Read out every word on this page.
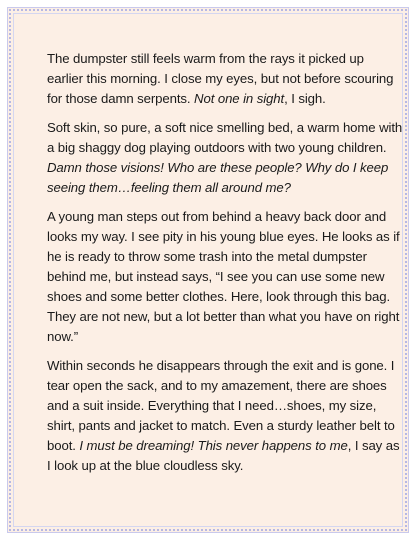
The dumpster still feels warm from the rays it picked up earlier this morning. I close my eyes, but not before scouring for those damn serpents. Not one in sight, I sigh.

Soft skin, so pure, a soft nice smelling bed, a warm home with a big shaggy dog playing outdoors with two young children. Damn those visions! Who are these people? Why do I keep seeing them…feeling them all around me?

A young man steps out from behind a heavy back door and looks my way. I see pity in his young blue eyes. He looks as if he is ready to throw some trash into the metal dumpster behind me, but instead says, “I see you can use some new shoes and some better clothes. Here, look through this bag. They are not new, but a lot better than what you have on right now.”

Within seconds he disappears through the exit and is gone. I tear open the sack, and to my amazement, there are shoes and a suit inside. Everything that I need…shoes, my size, shirt, pants and jacket to match. Even a sturdy leather belt to boot. I must be dreaming! This never happens to me, I say as I look up at the blue cloudless sky.
